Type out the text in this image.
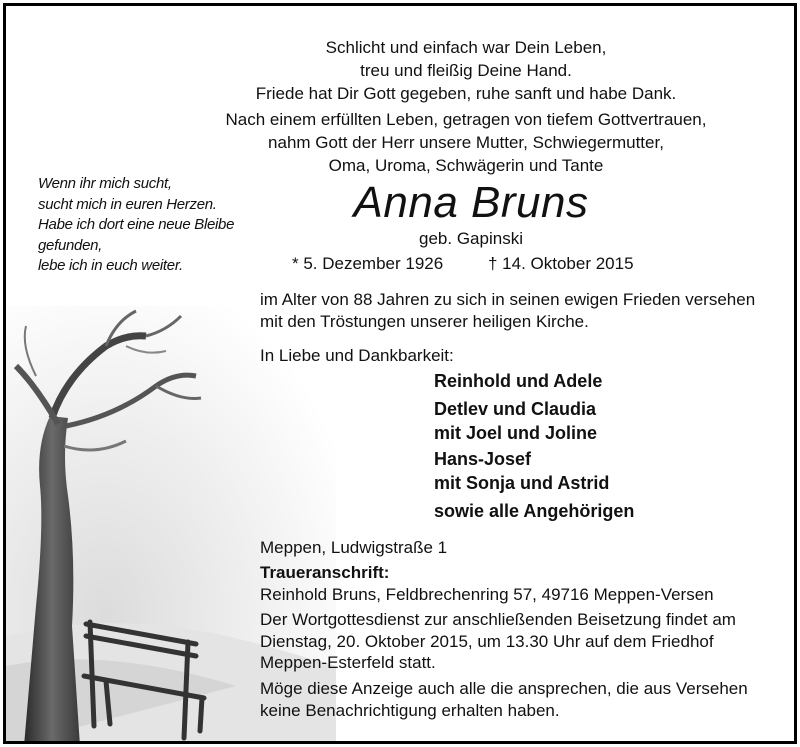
Schlicht und einfach war Dein Leben,
treu und fleißig Deine Hand.
Friede hat Dir Gott gegeben, ruhe sanft und habe Dank.
Nach einem erfüllten Leben, getragen von tiefem Gottvertrauen,
nahm Gott der Herr unsere Mutter, Schwiegermutter,
Oma, Uroma, Schwägerin und Tante
Anna Bruns
geb. Gapinski
* 5. Dezember 1926	† 14. Oktober 2015
Wenn ihr mich sucht,
sucht mich in euren Herzen.
Habe ich dort eine neue Bleibe
gefunden,
lebe ich in euch weiter.
im Alter von 88 Jahren zu sich in seinen ewigen Frieden versehen
mit den Tröstungen unserer heiligen Kirche.
In Liebe und Dankbarkeit:
Reinhold und Adele
Detlev und Claudia
mit Joel und Joline
Hans-Josef
mit Sonja und Astrid
sowie alle Angehörigen
Meppen, Ludwigstraße 1
Traueranschrift:
Reinhold Bruns, Feldbrechenring 57, 49716 Meppen-Versen
Der Wortgottesdienst zur anschließenden Beisetzung findet am
Dienstag, 20. Oktober 2015, um 13.30 Uhr auf dem Friedhof
Meppen-Esterfeld statt.
Möge diese Anzeige auch alle die ansprechen, die aus Versehen
keine Benachrichtigung erhalten haben.
